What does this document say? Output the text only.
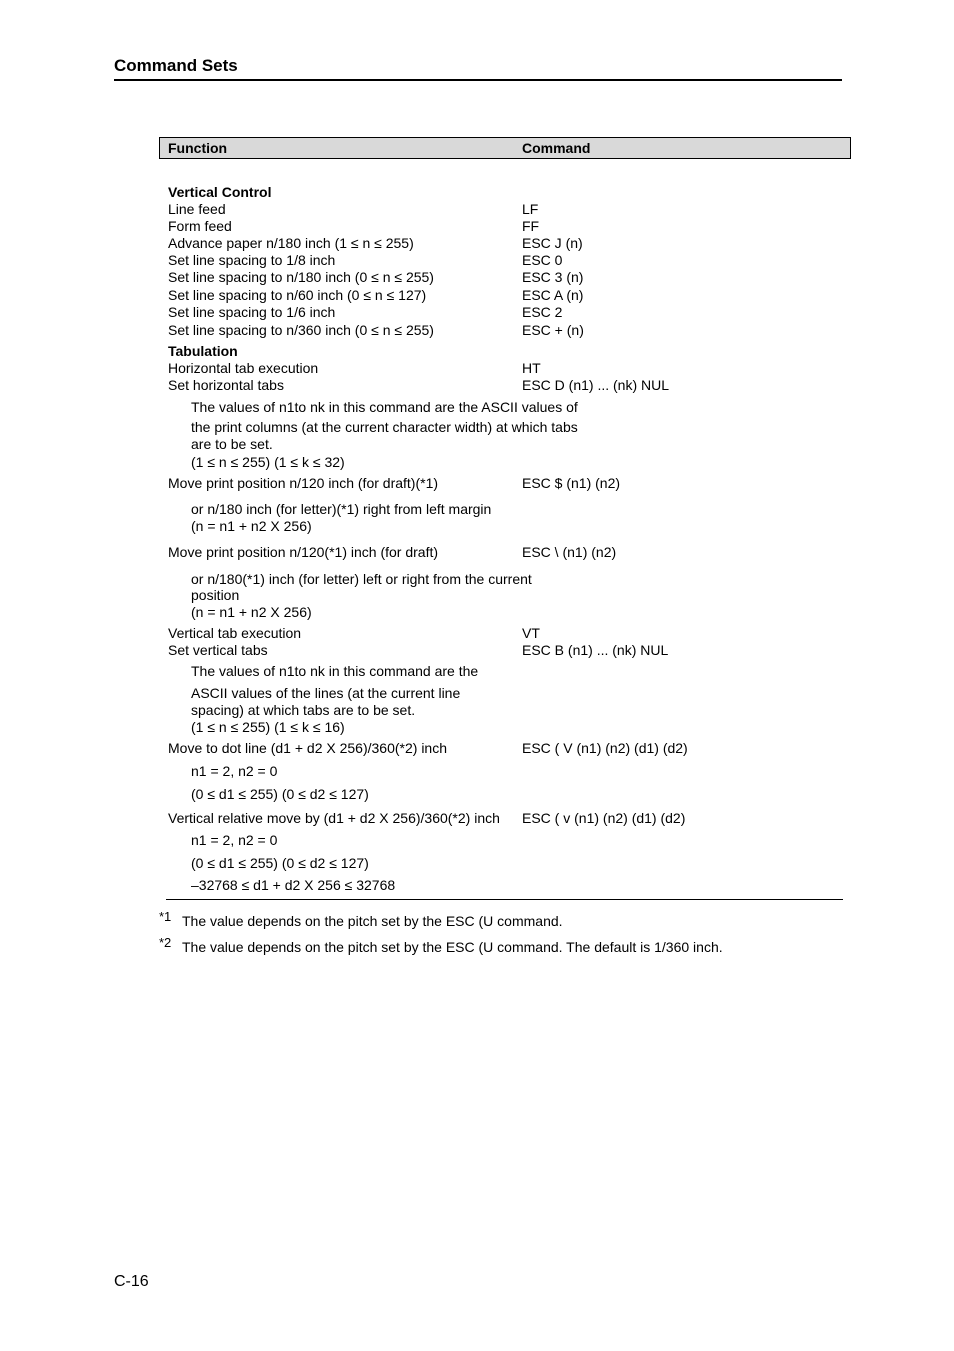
Command Sets
Function	Command
Vertical Control
Line feed	LF
Form feed	FF
Advance paper n/180 inch (1 ≤ n ≤ 255)	ESC J (n)
Set line spacing to 1/8 inch	ESC 0
Set line spacing to n/180 inch (0 ≤ n ≤ 255)	ESC 3 (n)
Set line spacing to n/60 inch (0 ≤ n ≤ 127)	ESC A (n)
Set line spacing to 1/6 inch	ESC 2
Set line spacing to n/360 inch (0 ≤ n ≤ 255)	ESC + (n)
Tabulation
Horizontal tab execution	HT
Set horizontal tabs	ESC D (n1) ... (nk) NUL
The values of n1to nk in this command are the ASCII values of
the print columns (at the current character width) at which tabs
are to be set.
(1 ≤ n ≤ 255) (1 ≤ k ≤ 32)
Move print position n/120 inch (for draft)(*1)	ESC $ (n1) (n2)
or n/180 inch (for letter)(*1) right from left margin
(n = n1 + n2 X 256)
Move print position n/120(*1) inch (for draft)	ESC \ (n1) (n2)
or n/180(*1) inch (for letter) left or right from the current
position
(n = n1 + n2 X 256)
Vertical tab execution	VT
Set vertical tabs	ESC B (n1) ... (nk) NUL
The values of n1to nk in this command are the
ASCII values of the lines (at the current line
spacing) at which tabs are to be set.
(1 ≤ n ≤ 255) (1 ≤ k ≤ 16)
Move to dot line (d1 + d2 X 256)/360(*2) inch	ESC ( V (n1) (n2) (d1) (d2)
n1 = 2, n2 = 0
(0 ≤ d1 ≤ 255) (0 ≤ d2 ≤ 127)
Vertical relative move by (d1 + d2 X 256)/360(*2) inch ESC ( v (n1) (n2) (d1) (d2)
n1 = 2, n2 = 0
(0 ≤ d1 ≤ 255) (0 ≤ d2 ≤ 127)
–32768 ≤ d1 + d2 X 256 ≤ 32768
*1 The value depends on the pitch set by the ESC (U command.
*2 The value depends on the pitch set by the ESC (U command. The default is 1/360 inch.
C-16
